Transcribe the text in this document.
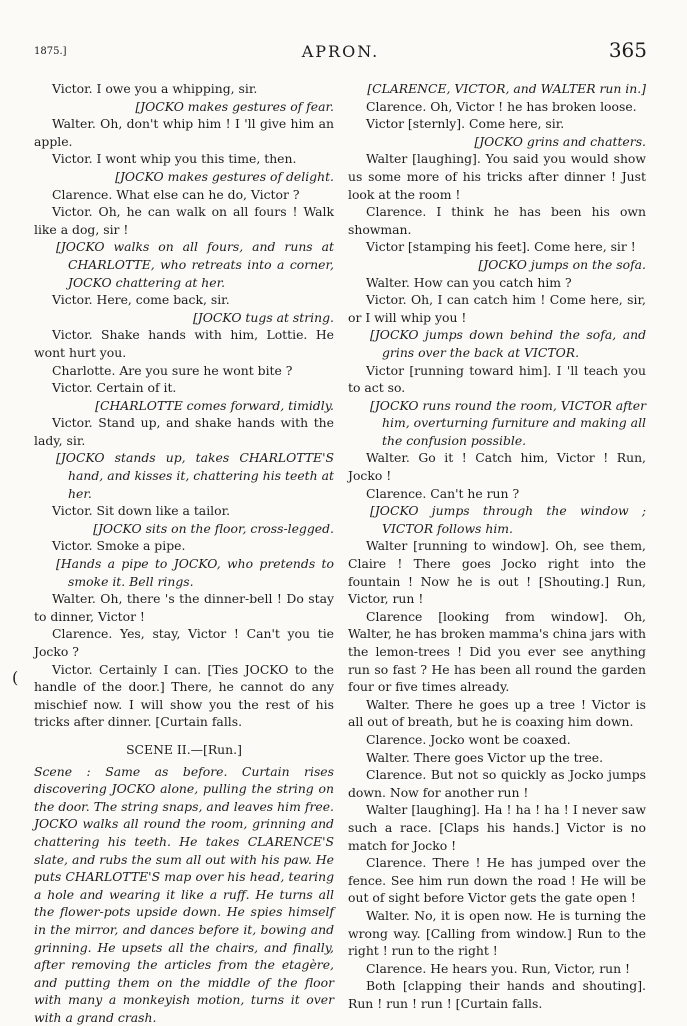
1875.]	APRON.	365
(
Victor. I owe you a whipping, sir.
[JOCKO makes gestures of fear.
Walter. Oh, don't whip him ! I 'll give him an apple.
Victor. I wont whip you this time, then.
[JOCKO makes gestures of delight.
Clarence. What else can he do, Victor ?
Victor. Oh, he can walk on all fours ! Walk like a dog, sir !
[JOCKO walks on all fours, and runs at CHARLOTTE, who retreats into a corner, JOCKO chattering at her.
Victor. Here, come back, sir.
[JOCKO tugs at string.
Victor. Shake hands with him, Lottie. He wont hurt you.
Charlotte. Are you sure he wont bite ?
Victor. Certain of it.
[CHARLOTTE comes forward, timidly.
Victor. Stand up, and shake hands with the lady, sir.
[JOCKO stands up, takes CHARLOTTE'S hand, and kisses it, chattering his teeth at her.
Victor. Sit down like a tailor.
[JOCKO sits on the floor, cross-legged.
Victor. Smoke a pipe.
[Hands a pipe to JOCKO, who pretends to smoke it. Bell rings.
Walter. Oh, there 's the dinner-bell ! Do stay to dinner, Victor !
Clarence. Yes, stay, Victor ! Can't you tie Jocko ?
Victor. Certainly I can. [Ties JOCKO to the handle of the door.] There, he cannot do any mischief now. I will show you the rest of his tricks after dinner. [Curtain falls.
SCENE II.—[Run.]
Scene : Same as before. Curtain rises discovering JOCKO alone, pulling the string on the door. The string snaps, and leaves him free. JOCKO walks all round the room, grinning and chattering his teeth. He takes CLARENCE'S slate, and rubs the sum all out with his paw. He puts CHARLOTTE'S map over his head, tearing a hole and wearing it like a ruff. He turns all the flower-pots upside down. He spies himself in the mirror, and dances before it, bowing and grinning. He upsets all the chairs, and finally, after removing the articles from the etagère, and putting them on the middle of the floor with many a monkeyish motion, turns it over with a grand crash.
[CLARENCE, VICTOR, and WALTER run in.]
Clarence. Oh, Victor ! he has broken loose.
Victor [sternly]. Come here, sir.
[JOCKO grins and chatters.
Walter [laughing]. You said you would show us some more of his tricks after dinner ! Just look at the room !
Clarence. I think he has been his own showman.
Victor [stamping his feet]. Come here, sir !
[JOCKO jumps on the sofa.
Walter. How can you catch him ?
Victor. Oh, I can catch him ! Come here, sir, or I will whip you !
[JOCKO jumps down behind the sofa, and grins over the back at VICTOR.
Victor [running toward him]. I 'll teach you to act so.
[JOCKO runs round the room, VICTOR after him, overturning furniture and making all the confusion possible.
Walter. Go it ! Catch him, Victor ! Run, Jocko !
Clarence. Can't he run ?
[JOCKO jumps through the window ; VICTOR follows him.
Walter [running to window]. Oh, see them, Claire ! There goes Jocko right into the fountain ! Now he is out ! [Shouting.] Run, Victor, run !
Clarence [looking from window]. Oh, Walter, he has broken mamma's china jars with the lemon-trees ! Did you ever see anything run so fast ? He has been all round the garden four or five times already.
Walter. There he goes up a tree ! Victor is all out of breath, but he is coaxing him down.
Clarence. Jocko wont be coaxed.
Walter. There goes Victor up the tree.
Clarence. But not so quickly as Jocko jumps down. Now for another run !
Walter [laughing]. Ha ! ha ! ha ! I never saw such a race. [Claps his hands.] Victor is no match for Jocko !
Clarence. There ! He has jumped over the fence. See him run down the road ! He will be out of sight before Victor gets the gate open !
Walter. No, it is open now. He is turning the wrong way. [Calling from window.] Run to the right ! run to the right !
Clarence. He hears you. Run, Victor, run !
Both [clapping their hands and shouting]. Run ! run ! run ! [Curtain falls.
